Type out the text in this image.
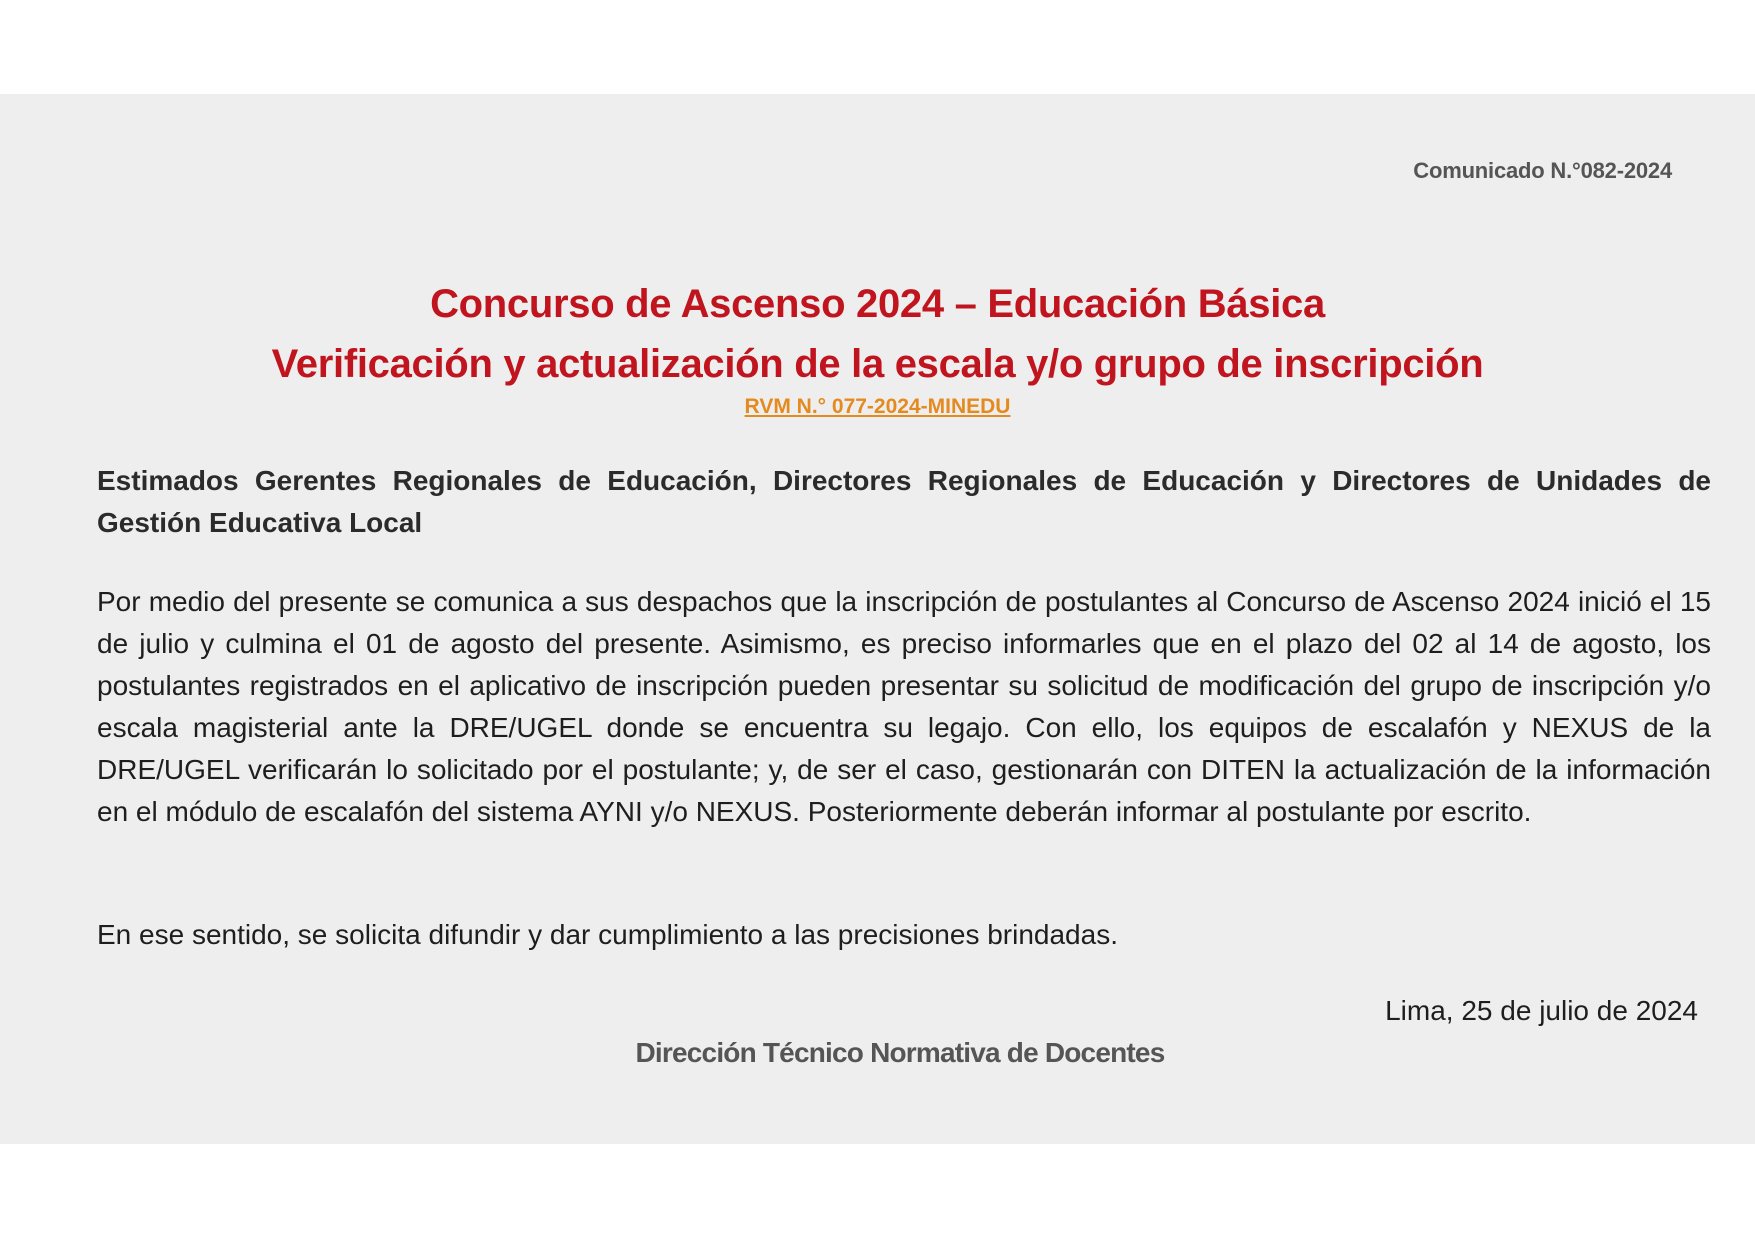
Comunicado N.°082-2024
Concurso de Ascenso 2024 – Educación Básica
Verificación y actualización de la escala y/o grupo de inscripción
RVM N.° 077-2024-MINEDU
Estimados Gerentes Regionales de Educación, Directores Regionales de Educación y Directores de Unidades de Gestión Educativa Local
Por medio del presente se comunica a sus despachos que la inscripción de postulantes al Concurso de Ascenso 2024 inició el 15 de julio y culmina el 01 de agosto del presente. Asimismo, es preciso informarles que en el plazo del 02 al 14 de agosto, los postulantes registrados en el aplicativo de inscripción pueden presentar su solicitud de modificación del grupo de inscripción y/o escala magisterial ante la DRE/UGEL donde se encuentra su legajo. Con ello, los equipos de escalafón y NEXUS de la DRE/UGEL verificarán lo solicitado por el postulante; y, de ser el caso, gestionarán con DITEN la actualización de la información en el módulo de escalafón del sistema AYNI y/o NEXUS. Posteriormente deberán informar al postulante por escrito.
En ese sentido, se solicita difundir y dar cumplimiento a las precisiones brindadas.
Lima, 25 de julio de 2024
Dirección Técnico Normativa de Docentes
